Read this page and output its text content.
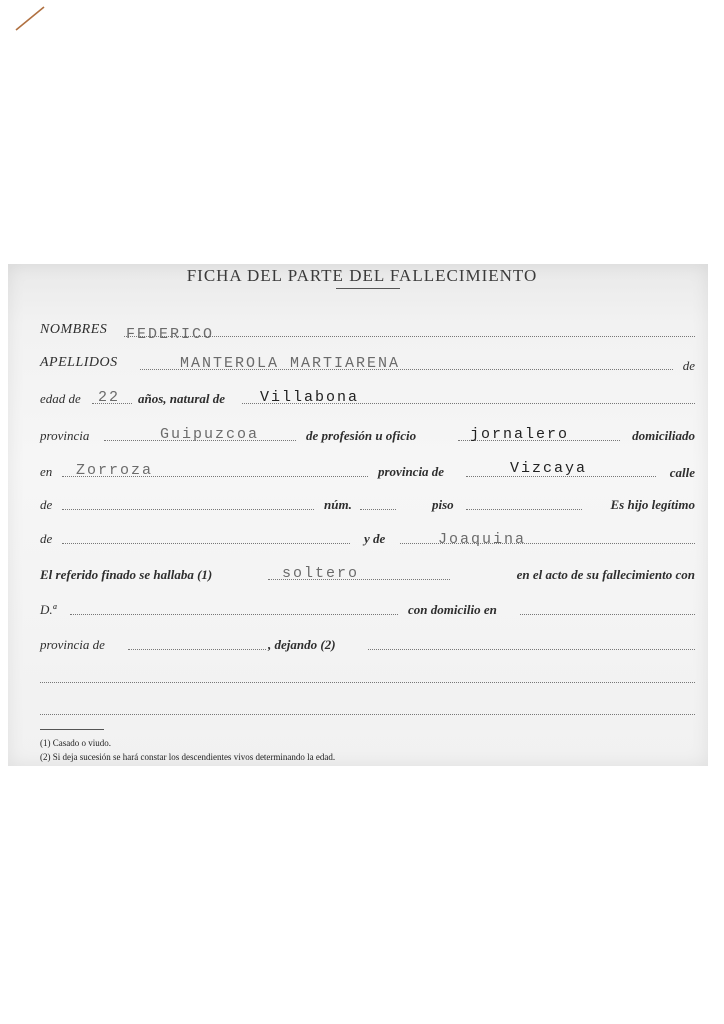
FICHA DEL PARTE DEL FALLECIMIENTO
NOMBRES FEDERICO
APELLIDOS	MANTEROLA MARTIARENA	de
edad de 22 años, natural de Villabona
provincia	Guipuzcoa	de profesión u oficio	jornalero	domiciliado
en Zorroza	provincia de	Vizcaya	calle
de	núm.	piso	Es hijo legítimo
de	y de	Joaquina
El referido finado se hallaba (1)	soltero	en el acto de su fallecimiento con
D.ª	con domicilio en
provincia de	, dejando (2)
(1) Casado o viudo.
(2) Si deja sucesión se hará constar los descendientes vivos determinando la edad.
